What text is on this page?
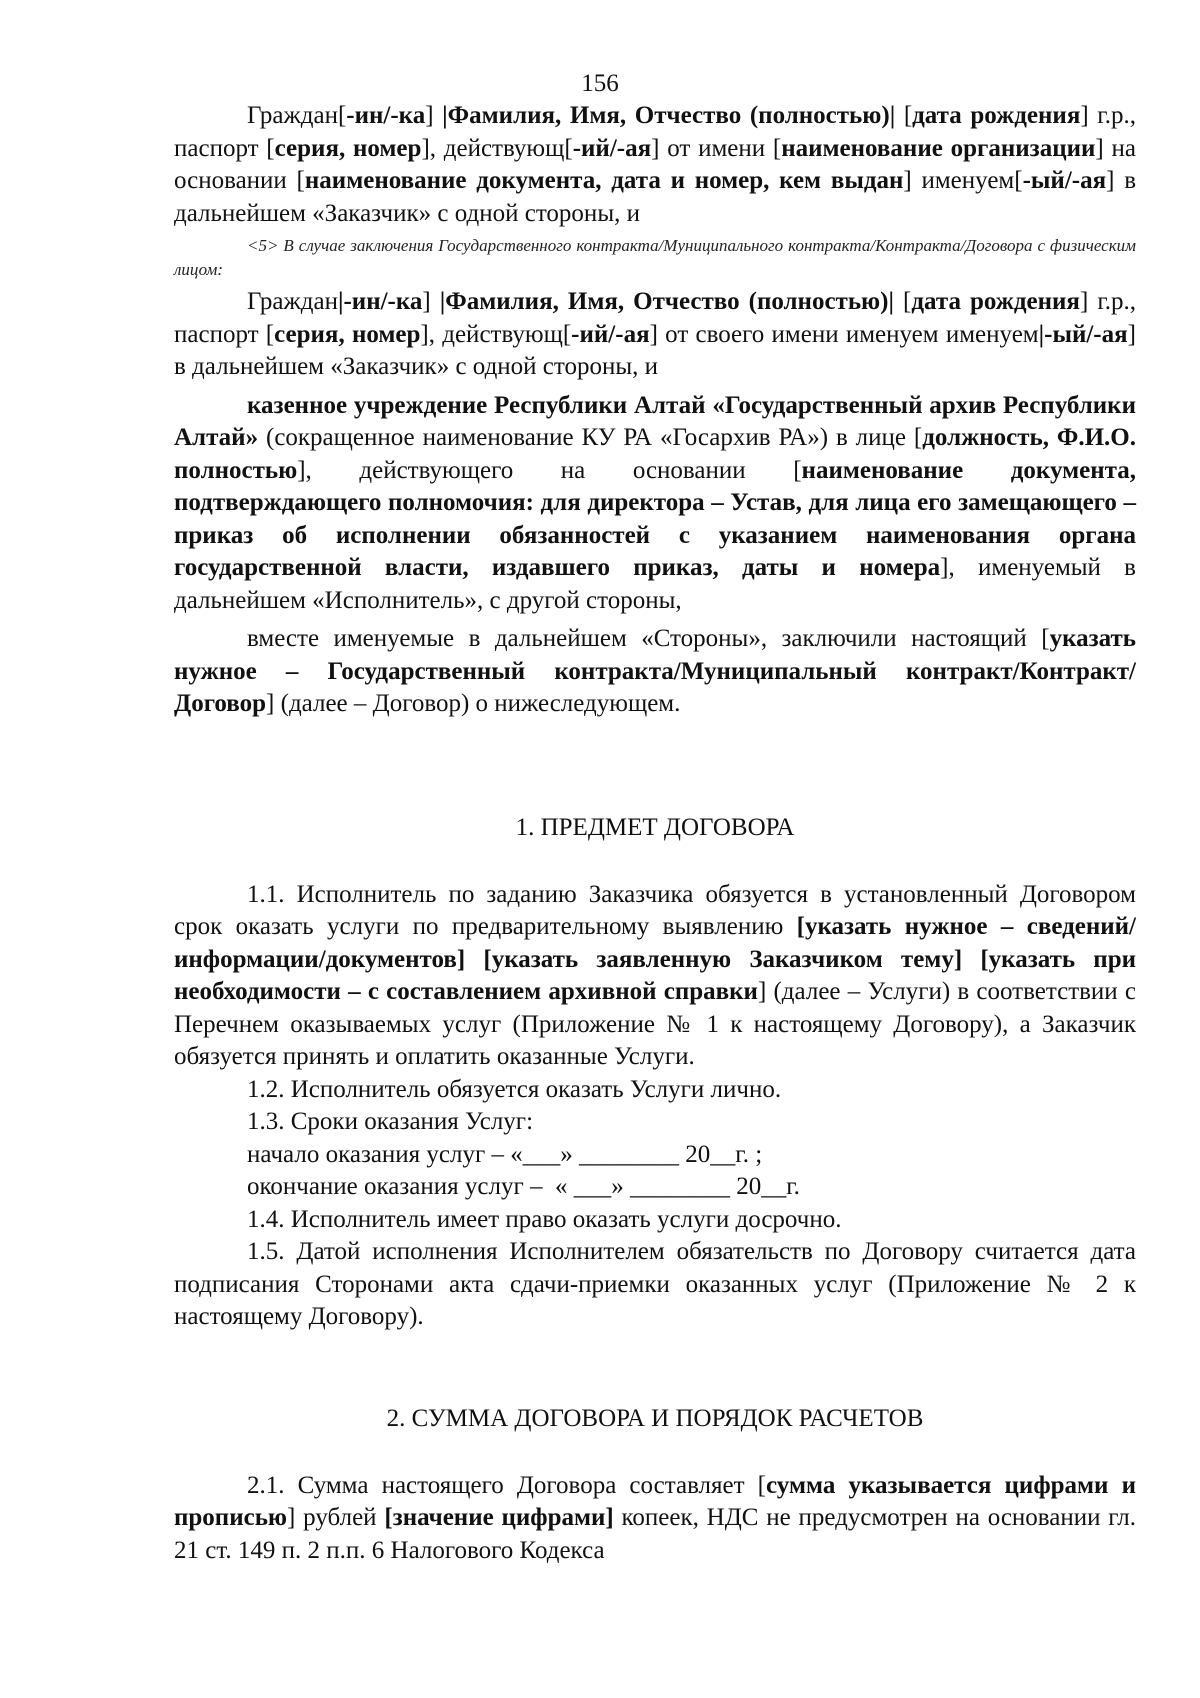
156

Граждан[-ин/-ка] |Фамилия, Имя, Отчество (полностью)| [дата рождения] г.р., паспорт [серия, номер], действующ[-ий/-ая] от имени [наименование организации] на основании [наименование документа, дата и номер, кем выдан] именуем[-ый/-ая] в дальнейшем «Заказчик» с одной стороны, и

<5> В случае заключения Государственного контракта/Муниципального контракта/Контракта/Договора с физическим лицом:

Граждан|-ин/-ка] |Фамилия, Имя, Отчество (полностью)| [дата рождения] г.р., паспорт [серия, номер], действующ[-ий/-ая] от своего имени именуем именуем|-ый/-ая] в дальнейшем «Заказчик» с одной стороны, и

казенное учреждение Республики Алтай «Государственный архив Республики Алтай» (сокращенное наименование КУ РА «Госархив РА») в лице [должность, Ф.И.О. полностью], действующего на основании [наименование документа, подтверждающего полномочия: для директора – Устав, для лица его замещающего – приказ об исполнении обязанностей с указанием наименования органа государственной власти, издавшего приказ, даты и номера], именуемый в дальнейшем «Исполнитель», с другой стороны,

вместе именуемые в дальнейшем «Стороны», заключили настоящий [указать нужное – Государственный контракта/Муниципальный контракт/Контракт/Договор] (далее – Договор) о нижеследующем.

1. ПРЕДМЕТ ДОГОВОРА

1.1. Исполнитель по заданию Заказчика обязуется в установленный Договором срок оказать услуги по предварительному выявлению [указать нужное – сведений/информации/документов] [указать заявленную Заказчиком тему] [указать при необходимости – с составлением архивной справки] (далее – Услуги) в соответствии с Перечнем оказываемых услуг (Приложение № 1 к настоящему Договору), а Заказчик обязуется принять и оплатить оказанные Услуги.

1.2. Исполнитель обязуется оказать Услуги лично.

1.3. Сроки оказания Услуг:

начало оказания услуг – «___» ________ 20__г. ;

окончание оказания услуг –  « ___» ________ 20__г.

1.4. Исполнитель имеет право оказать услуги досрочно.

1.5. Датой исполнения Исполнителем обязательств по Договору считается дата подписания Сторонами акта сдачи-приемки оказанных услуг (Приложение № 2 к настоящему Договору).

2. СУММА ДОГОВОРА И ПОРЯДОК РАСЧЕТОВ

2.1. Сумма настоящего Договора составляет [сумма указывается цифрами и прописью] рублей [значение цифрами] копеек, НДС не предусмотрен на основании гл. 21 ст. 149 п. 2 п.п. 6 Налогового Кодекса
